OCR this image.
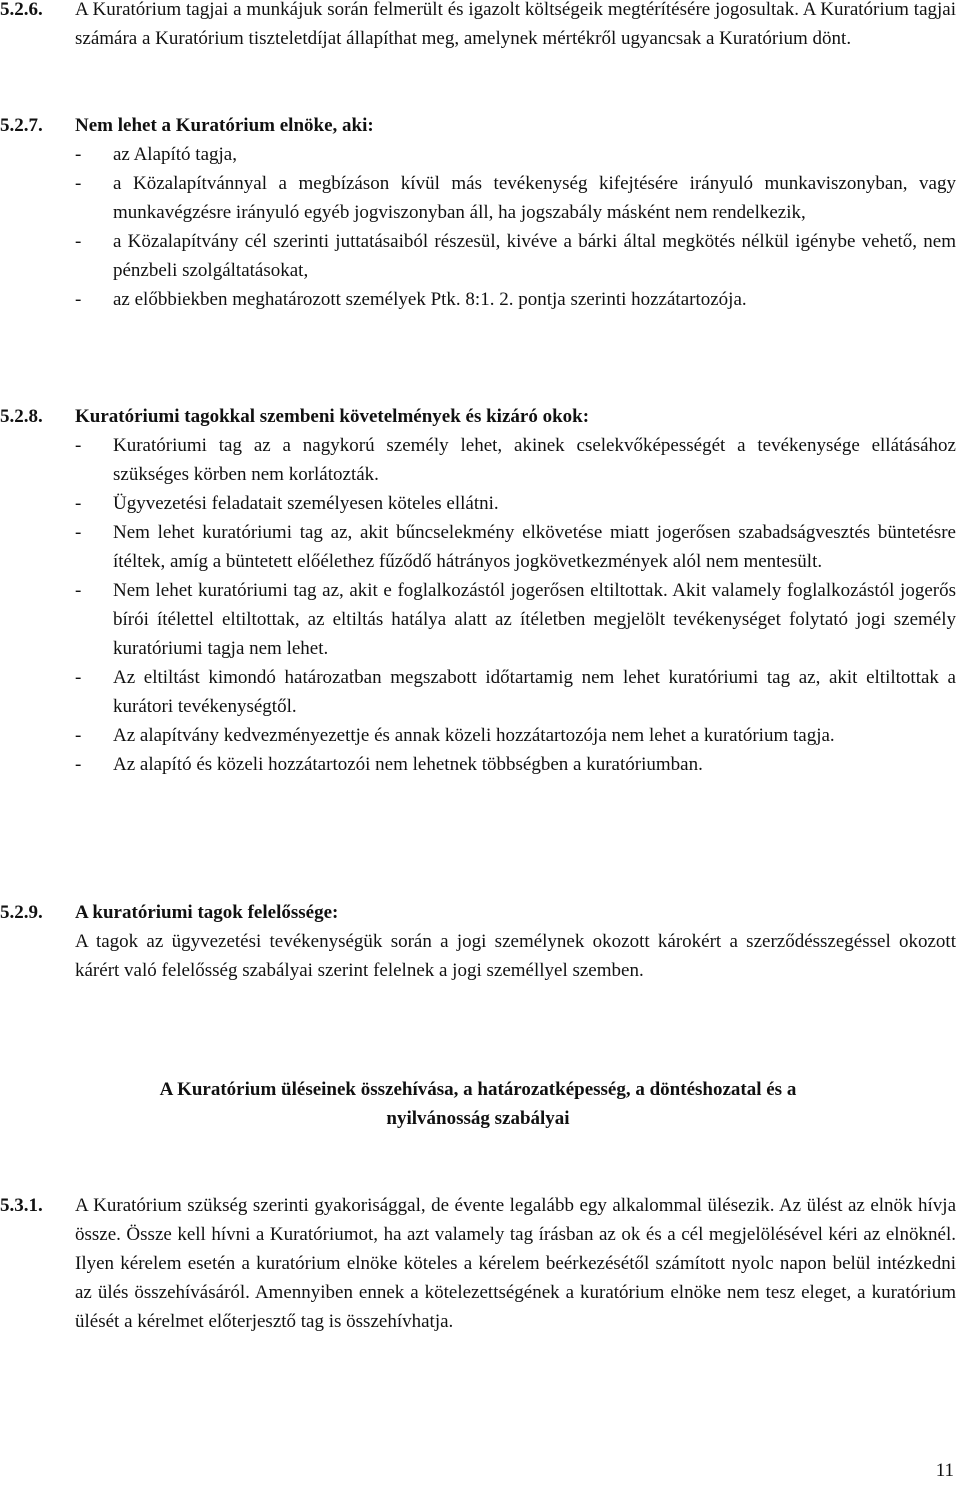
5.2.6. A Kuratórium tagjai a munkájuk során felmerült és igazolt költségeik megtérítésére jogosultak. A Kuratórium tagjai számára a Kuratórium tiszteletdíjat állapíthat meg, amelynek mértékről ugyancsak a Kuratórium dönt.

5.2.7. Nem lehet a Kuratórium elnöke, aki:

- az Alapító tagja,
- a Közalapítvánnyal a megbízáson kívül más tevékenység kifejtésére irányuló munkaviszonyban, vagy munkavégzésre irányuló egyéb jogviszonyban áll, ha jogszabály másként nem rendelkezik,
- a Közalapítvány cél szerinti juttatásaiból részesül, kivéve a bárki által megkötés nélkül igénybe vehető, nem pénzbeli szolgáltatásokat,
- az előbbiekben meghatározott személyek Ptk. 8:1. 2. pontja szerinti hozzátartozója.

5.2.8. Kuratóriumi tagokkal szembeni követelmények és kizáró okok:

- Kuratóriumi tag az a nagykorú személy lehet, akinek cselekvőképességét a tevékenysége ellátásához szükséges körben nem korlátozták.
- Ügyvezetési feladatait személyesen köteles ellátni.
- Nem lehet kuratóriumi tag az, akit bűncselekmény elkövetése miatt jogerősen szabadságvesztés büntetésre ítéltek, amíg a büntetett előélethez fűződő hátrányos jogkövetkezmények alól nem mentesült.
- Nem lehet kuratóriumi tag az, akit e foglalkozástól jogerősen eltiltottak. Akit valamely foglalkozástól jogerős bírói ítélettel eltiltottak, az eltiltás hatálya alatt az ítéletben megjelölt tevékenységet folytató jogi személy kuratóriumi tagja nem lehet.
- Az eltiltást kimondó határozatban megszabott időtartamig nem lehet kuratóriumi tag az, akit eltiltottak a kurátori tevékenységtől.
- Az alapítvány kedvezményezettje és annak közeli hozzátartozója nem lehet a kuratórium tagja.
- Az alapító és közeli hozzátartozói nem lehetnek többségben a kuratóriumban.

5.2.9. A kuratóriumi tagok felelőssége:

A tagok az ügyvezetési tevékenységük során a jogi személynek okozott károkért a szerződésszegéssel okozott kárért való felelősség szabályai szerint felelnek a jogi személlyel szemben.

A Kuratórium üléseinek összehívása, a határozatképesség, a döntéshozatal és a

nyilvánosság szabályai

5.3.1. A Kuratórium szükség szerinti gyakorisággal, de évente legalább egy alkalommal ülésezik. Az ülést az elnök hívja össze. Össze kell hívni a Kuratóriumot, ha azt valamely tag írásban az ok és a cél megjelölésével kéri az elnöknél. Ilyen kérelem esetén a kuratórium elnöke köteles a kérelem beérkezésétől számított nyolc napon belül intézkedni az ülés összehívásáról. Amennyiben ennek a kötelezettségének a kuratórium elnöke nem tesz eleget, a kuratórium ülését a kérelmet előterjesztő tag is összehívhatja.

11
